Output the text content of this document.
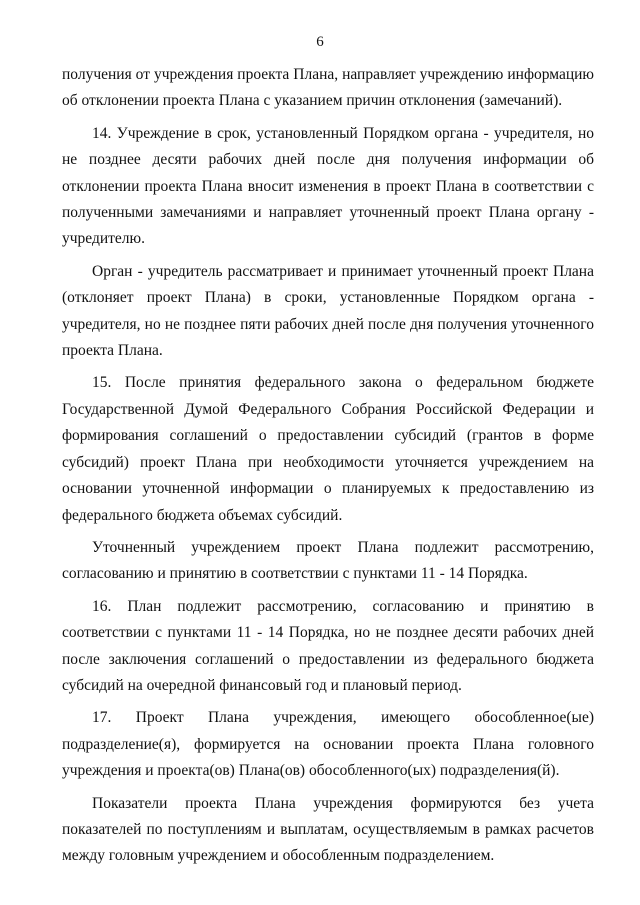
6

получения от учреждения проекта Плана, направляет учреждению информацию об отклонении проекта Плана с указанием причин отклонения (замечаний).

14. Учреждение в срок, установленный Порядком органа - учредителя, но не позднее десяти рабочих дней после дня получения информации об отклонении проекта Плана вносит изменения в проект Плана в соответствии с полученными замечаниями и направляет уточненный проект Плана органу - учредителю.

Орган - учредитель рассматривает и принимает уточненный проект Плана (отклоняет проект Плана) в сроки, установленные Порядком органа - учредителя, но не позднее пяти рабочих дней после дня получения уточненного проекта Плана.

15. После принятия федерального закона о федеральном бюджете Государственной Думой Федерального Собрания Российской Федерации и формирования соглашений о предоставлении субсидий (грантов в форме субсидий) проект Плана при необходимости уточняется учреждением на основании уточненной информации о планируемых к предоставлению из федерального бюджета объемах субсидий.

Уточненный учреждением проект Плана подлежит рассмотрению, согласованию и принятию в соответствии с пунктами 11 - 14 Порядка.

16. План подлежит рассмотрению, согласованию и принятию в соответствии с пунктами 11 - 14 Порядка, но не позднее десяти рабочих дней после заключения соглашений о предоставлении из федерального бюджета субсидий на очередной финансовый год и плановый период.

17. Проект Плана учреждения, имеющего обособленное(ые) подразделение(я), формируется на основании проекта Плана головного учреждения и проекта(ов) Плана(ов) обособленного(ых) подразделения(й).

Показатели проекта Плана учреждения формируются без учета показателей по поступлениям и выплатам, осуществляемым в рамках расчетов между головным учреждением и обособленным подразделением.
